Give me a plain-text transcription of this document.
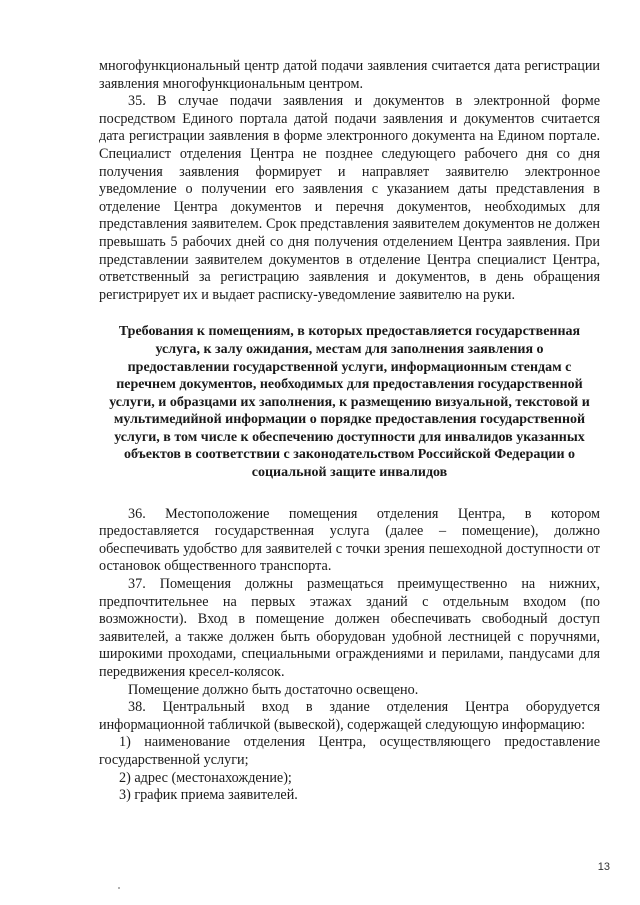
многофункциональный центр датой подачи заявления считается дата регистрации заявления многофункциональным центром.

35. В случае подачи заявления и документов в электронной форме посредством Единого портала датой подачи заявления и документов считается дата регистрации заявления в форме электронного документа на Едином портале. Специалист отделения Центра не позднее следующего рабочего дня со дня получения заявления формирует и направляет заявителю электронное уведомление о получении его заявления с указанием даты представления в отделение Центра документов и перечня документов, необходимых для представления заявителем. Срок представления заявителем документов не должен превышать 5 рабочих дней со дня получения отделением Центра заявления. При представлении заявителем документов в отделение Центра специалист Центра, ответственный за регистрацию заявления и документов, в день обращения регистрирует их и выдает расписку-уведомление заявителю на руки.

Требования к помещениям, в которых предоставляется государственная услуга, к залу ожидания, местам для заполнения заявления о предоставлении государственной услуги, информационным стендам с перечнем документов, необходимых для предоставления государственной услуги, и образцами их заполнения, к размещению визуальной, текстовой и мультимедийной информации о порядке предоставления государственной услуги, в том числе к обеспечению доступности для инвалидов указанных объектов в соответствии с законодательством Российской Федерации о социальной защите инвалидов

36. Местоположение помещения отделения Центра, в котором предоставляется государственная услуга (далее – помещение), должно обеспечивать удобство для заявителей с точки зрения пешеходной доступности от остановок общественного транспорта.

37. Помещения должны размещаться преимущественно на нижних, предпочтительнее на первых этажах зданий с отдельным входом (по возможности). Вход в помещение должен обеспечивать свободный доступ заявителей, а также должен быть оборудован удобной лестницей с поручнями, широкими проходами, специальными ограждениями и перилами, пандусами для передвижения кресел-колясок.

Помещение должно быть достаточно освещено.

38. Центральный вход в здание отделения Центра оборудуется информационной табличкой (вывеской), содержащей следующую информацию:

1) наименование отделения Центра, осуществляющего предоставление государственной услуги;

2) адрес (местонахождение);

3) график приема заявителей.

13
